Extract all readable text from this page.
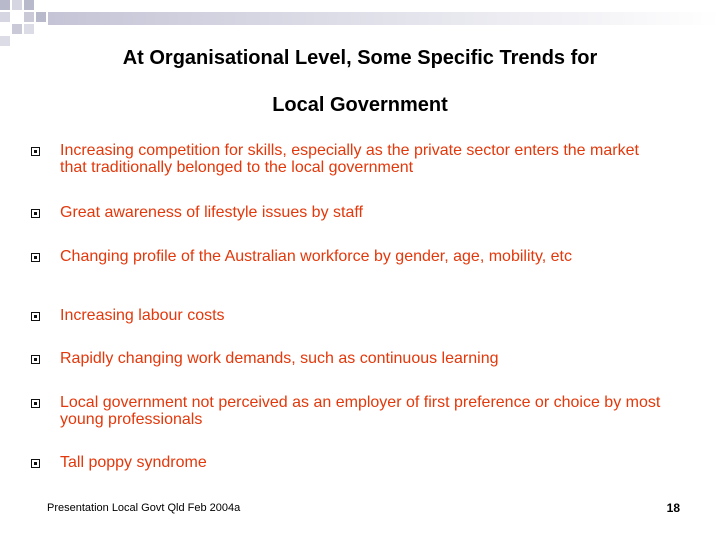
At Organisational Level, Some Specific Trends for
Local Government
Increasing competition for skills, especially as the private sector enters the market that traditionally belonged to the local government
Great awareness of lifestyle issues by staff
Changing profile of the Australian workforce by gender, age, mobility, etc
Increasing labour costs
Rapidly changing work demands, such as continuous learning
Local government not perceived as an employer of first preference or choice by most young professionals
Tall poppy syndrome
Presentation Local Govt Qld Feb 2004a	18
